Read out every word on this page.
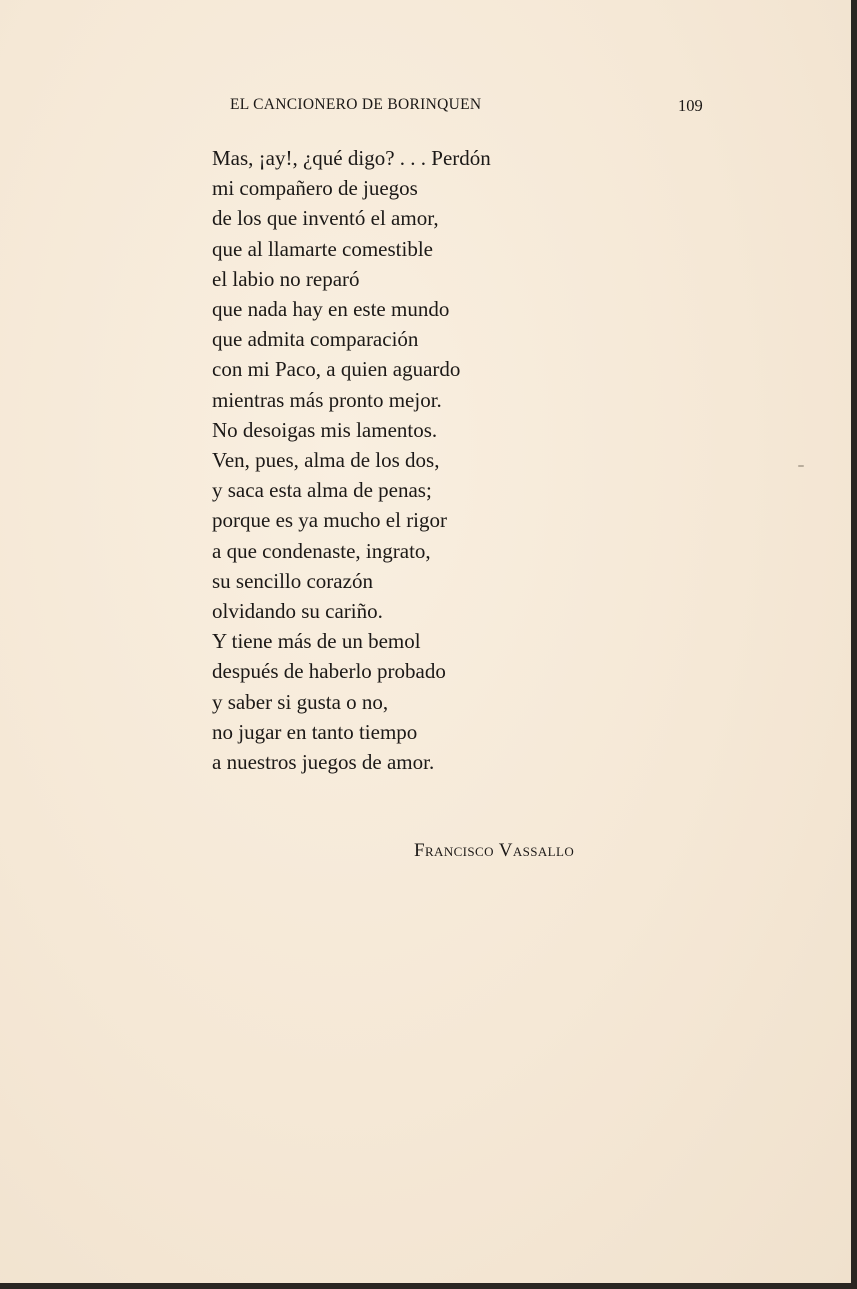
EL CANCIONERO DE BORINQUEN	109
Mas, ¡ay!, ¿qué digo? . . . Perdón
mi compañero de juegos
de los que inventó el amor,
que al llamarte comestible
el labio no reparó
que nada hay en este mundo
que admita comparación
con mi Paco, a quien aguardo
mientras más pronto mejor.
No desoigas mis lamentos.
Ven, pues, alma de los dos,
y saca esta alma de penas;
porque es ya mucho el rigor
a que condenaste, ingrato,
su sencillo corazón
olvidando su cariño.
Y tiene más de un bemol
después de haberlo probado
y saber si gusta o no,
no jugar en tanto tiempo
a nuestros juegos de amor.
Francisco Vassallo
